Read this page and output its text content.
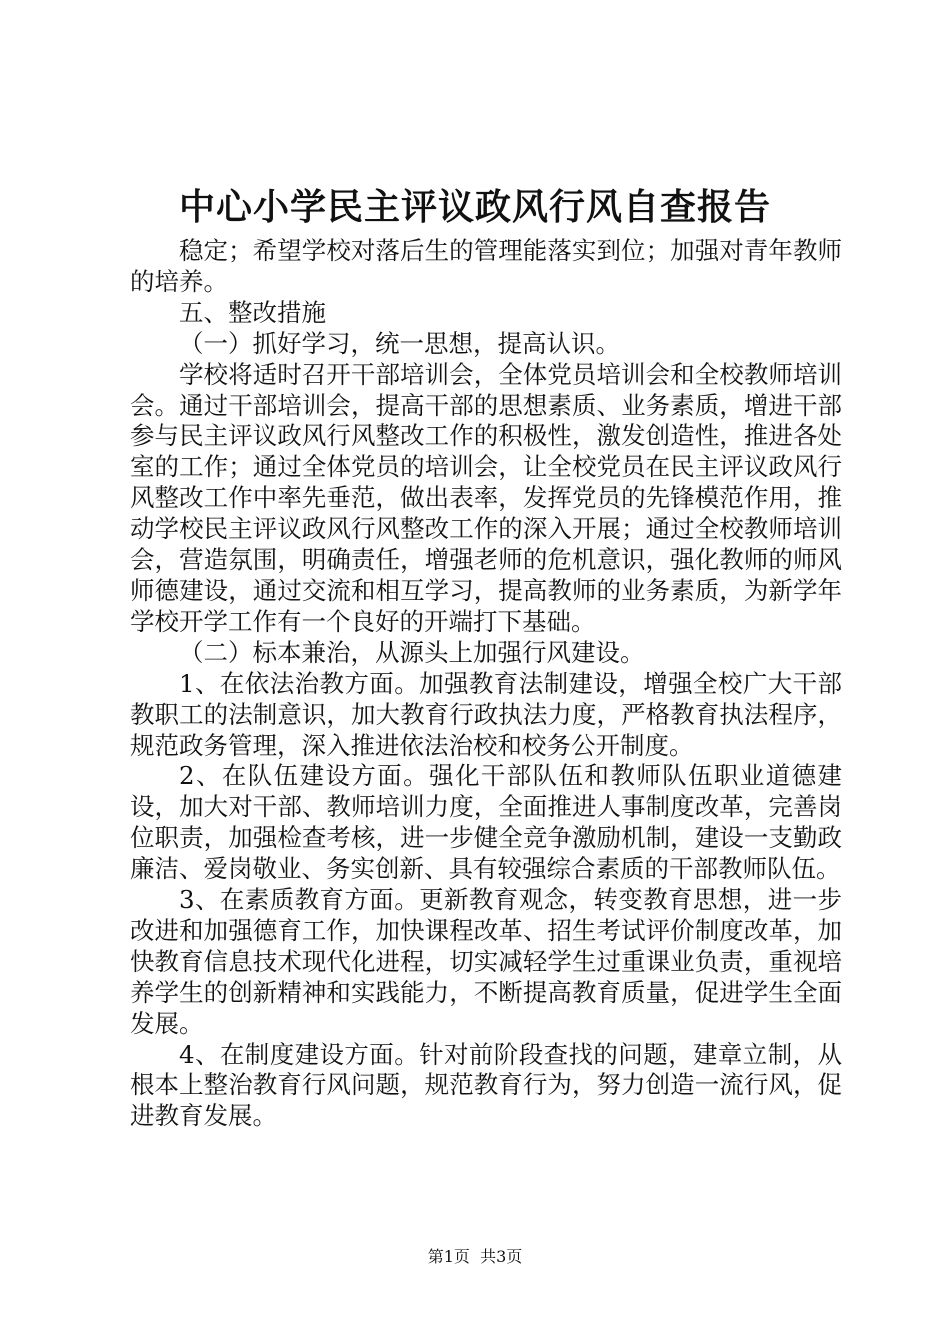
中心小学民主评议政风行风自查报告

稳定；希望学校对落后生的管理能落实到位；加强对青年教师的培养。

五、整改措施

（一）抓好学习，统一思想，提高认识。

学校将适时召开干部培训会，全体党员培训会和全校教师培训会。通过干部培训会，提高干部的思想素质、业务素质，增进干部参与民主评议政风行风整改工作的积极性，激发创造性，推进各处室的工作；通过全体党员的培训会，让全校党员在民主评议政风行风整改工作中率先垂范，做出表率，发挥党员的先锋模范作用，推动学校民主评议政风行风整改工作的深入开展；通过全校教师培训会，营造氛围，明确责任，增强老师的危机意识，强化教师的师风师德建设，通过交流和相互学习，提高教师的业务素质，为新学年学校开学工作有一个良好的开端打下基础。

（二）标本兼治，从源头上加强行风建设。

1、在依法治教方面。加强教育法制建设，增强全校广大干部教职工的法制意识，加大教育行政执法力度，严格教育执法程序，规范政务管理，深入推进依法治校和校务公开制度。

2、在队伍建设方面。强化干部队伍和教师队伍职业道德建设，加大对干部、教师培训力度，全面推进人事制度改革，完善岗位职责，加强检查考核，进一步健全竞争激励机制，建设一支勤政廉洁、爱岗敬业、务实创新、具有较强综合素质的干部教师队伍。

3、在素质教育方面。更新教育观念，转变教育思想，进一步改进和加强德育工作，加快课程改革、招生考试评价制度改革，加快教育信息技术现代化进程，切实减轻学生过重课业负责，重视培养学生的创新精神和实践能力，不断提高教育质量，促进学生全面发展。

4、在制度建设方面。针对前阶段查找的问题，建章立制，从根本上整治教育行风问题，规范教育行为，努力创造一流行风，促进教育发展。

第1页 共3页
